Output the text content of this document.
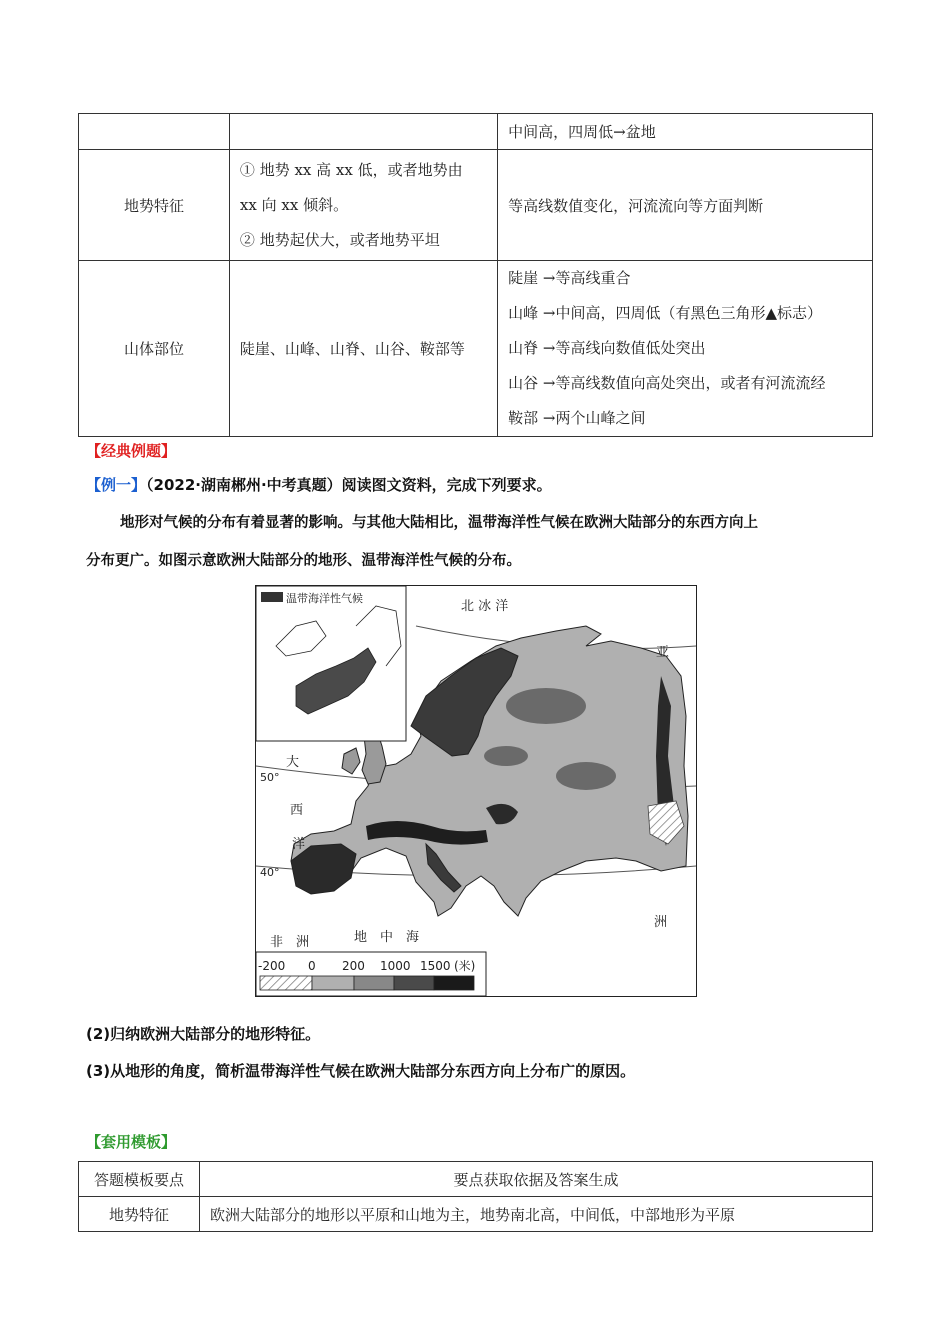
		中间高，四周低→盆地
地势特征	① 地势 xx 高 xx 低，或者地势由
xx 向 xx 倾斜。
② 地势起伏大，或者地势平坦	等高线数值变化，河流流向等方面判断
山体部位	陡崖、山峰、山脊、山谷、鞍部等	陡崖 →等高线重合
山峰 →中间高，四周低（有黑色三角形▲标志）
山脊 →等高线向数值低处突出
山谷 →等高线数值向高处突出，或者有河流流经
鞍部 →两个山峰之间
【经典例题】
【例一】（2022·湖南郴州·中考真题）阅读图文资料，完成下列要求。
地形对气候的分布有着显著的影响。与其他大陆相比，温带海洋性气候在欧洲大陆部分的东西方向上
分布更广。如图示意欧洲大陆部分的地形、温带海洋性气候的分布。
温带海洋性气候
北 冰 洋
亚
洲
大
西
洋
50°
40°
非　洲	地　中　海
-200 0 200 1000 1500 (米)
(2)归纳欧洲大陆部分的地形特征。
(3)从地形的角度，简析温带海洋性气候在欧洲大陆部分东西方向上分布广的原因。
【套用模板】
答题模板要点	要点获取依据及答案生成
地势特征	欧洲大陆部分的地形以平原和山地为主，地势南北高，中间低，中部地形为平原
